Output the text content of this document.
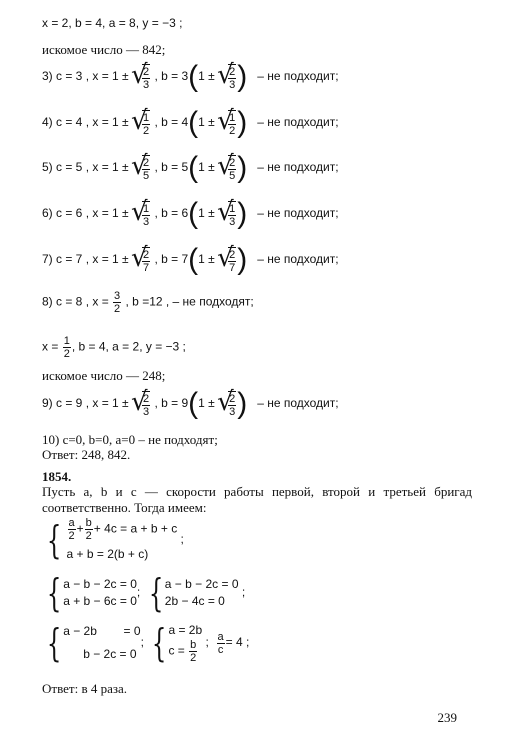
x = 2, b = 4, a = 8, y = −3 ;
искомое число — 842;
3) c = 3 , x = 1 ± √ $\frac{2}{3}$ , b = 3(1 ± √ $\frac{2}{3}$ ) – не подходит;
4) c = 4 , x = 1 ± √ $\frac{1}{2}$ , b = 4(1 ± √ $\frac{1}{2}$ ) – не подходит;
5) c = 5 , x = 1 ± √ $\frac{2}{5}$ , b = 5(1 ± √ $\frac{2}{5}$ ) – не подходит;
6) c = 6 , x = 1 ± √ $\frac{1}{3}$ , b = 6(1 ± √ $\frac{1}{3}$ ) – не подходит;
7) c = 7 , x = 1 ± √ $\frac{2}{7}$ , b = 7(1 ± √ $\frac{2}{7}$ ) – не подходит;
8) c = 8 , $x = \frac{3}{2}$ , b =12 , – не подходят;
$x = \frac{1}{2}$ , b = 4, a = 2, y = −3 ;
искомое число — 248;
9) c = 9 , x = 1 ± √ $\frac{2}{3}$ , b = 9(1 ± √ $\frac{2}{3}$ ) – не подходит;
10) с=0, b=0, a=0 – не подходят;
Ответ: 248, 842.
1854.
Пусть a, b и c — скорости работы первой, второй и третьей бригад соответственно. Тогда имеем:
{ $\frac{a}{2} + \frac{b}{2} + 4c = a + b + c$
a + b = 2(b + c)
;
{ a − b − 2c = 0
a + b − 6c = 0
; { a − b − 2c = 0
2b − 4c = 0
;
{ a − 2b        = 0
b − 2c = 0
; { a = 2b
$c = \frac{b}{2}$ ; $\frac{a}{c} = 4$ ;
Ответ: в 4 раза.
239
